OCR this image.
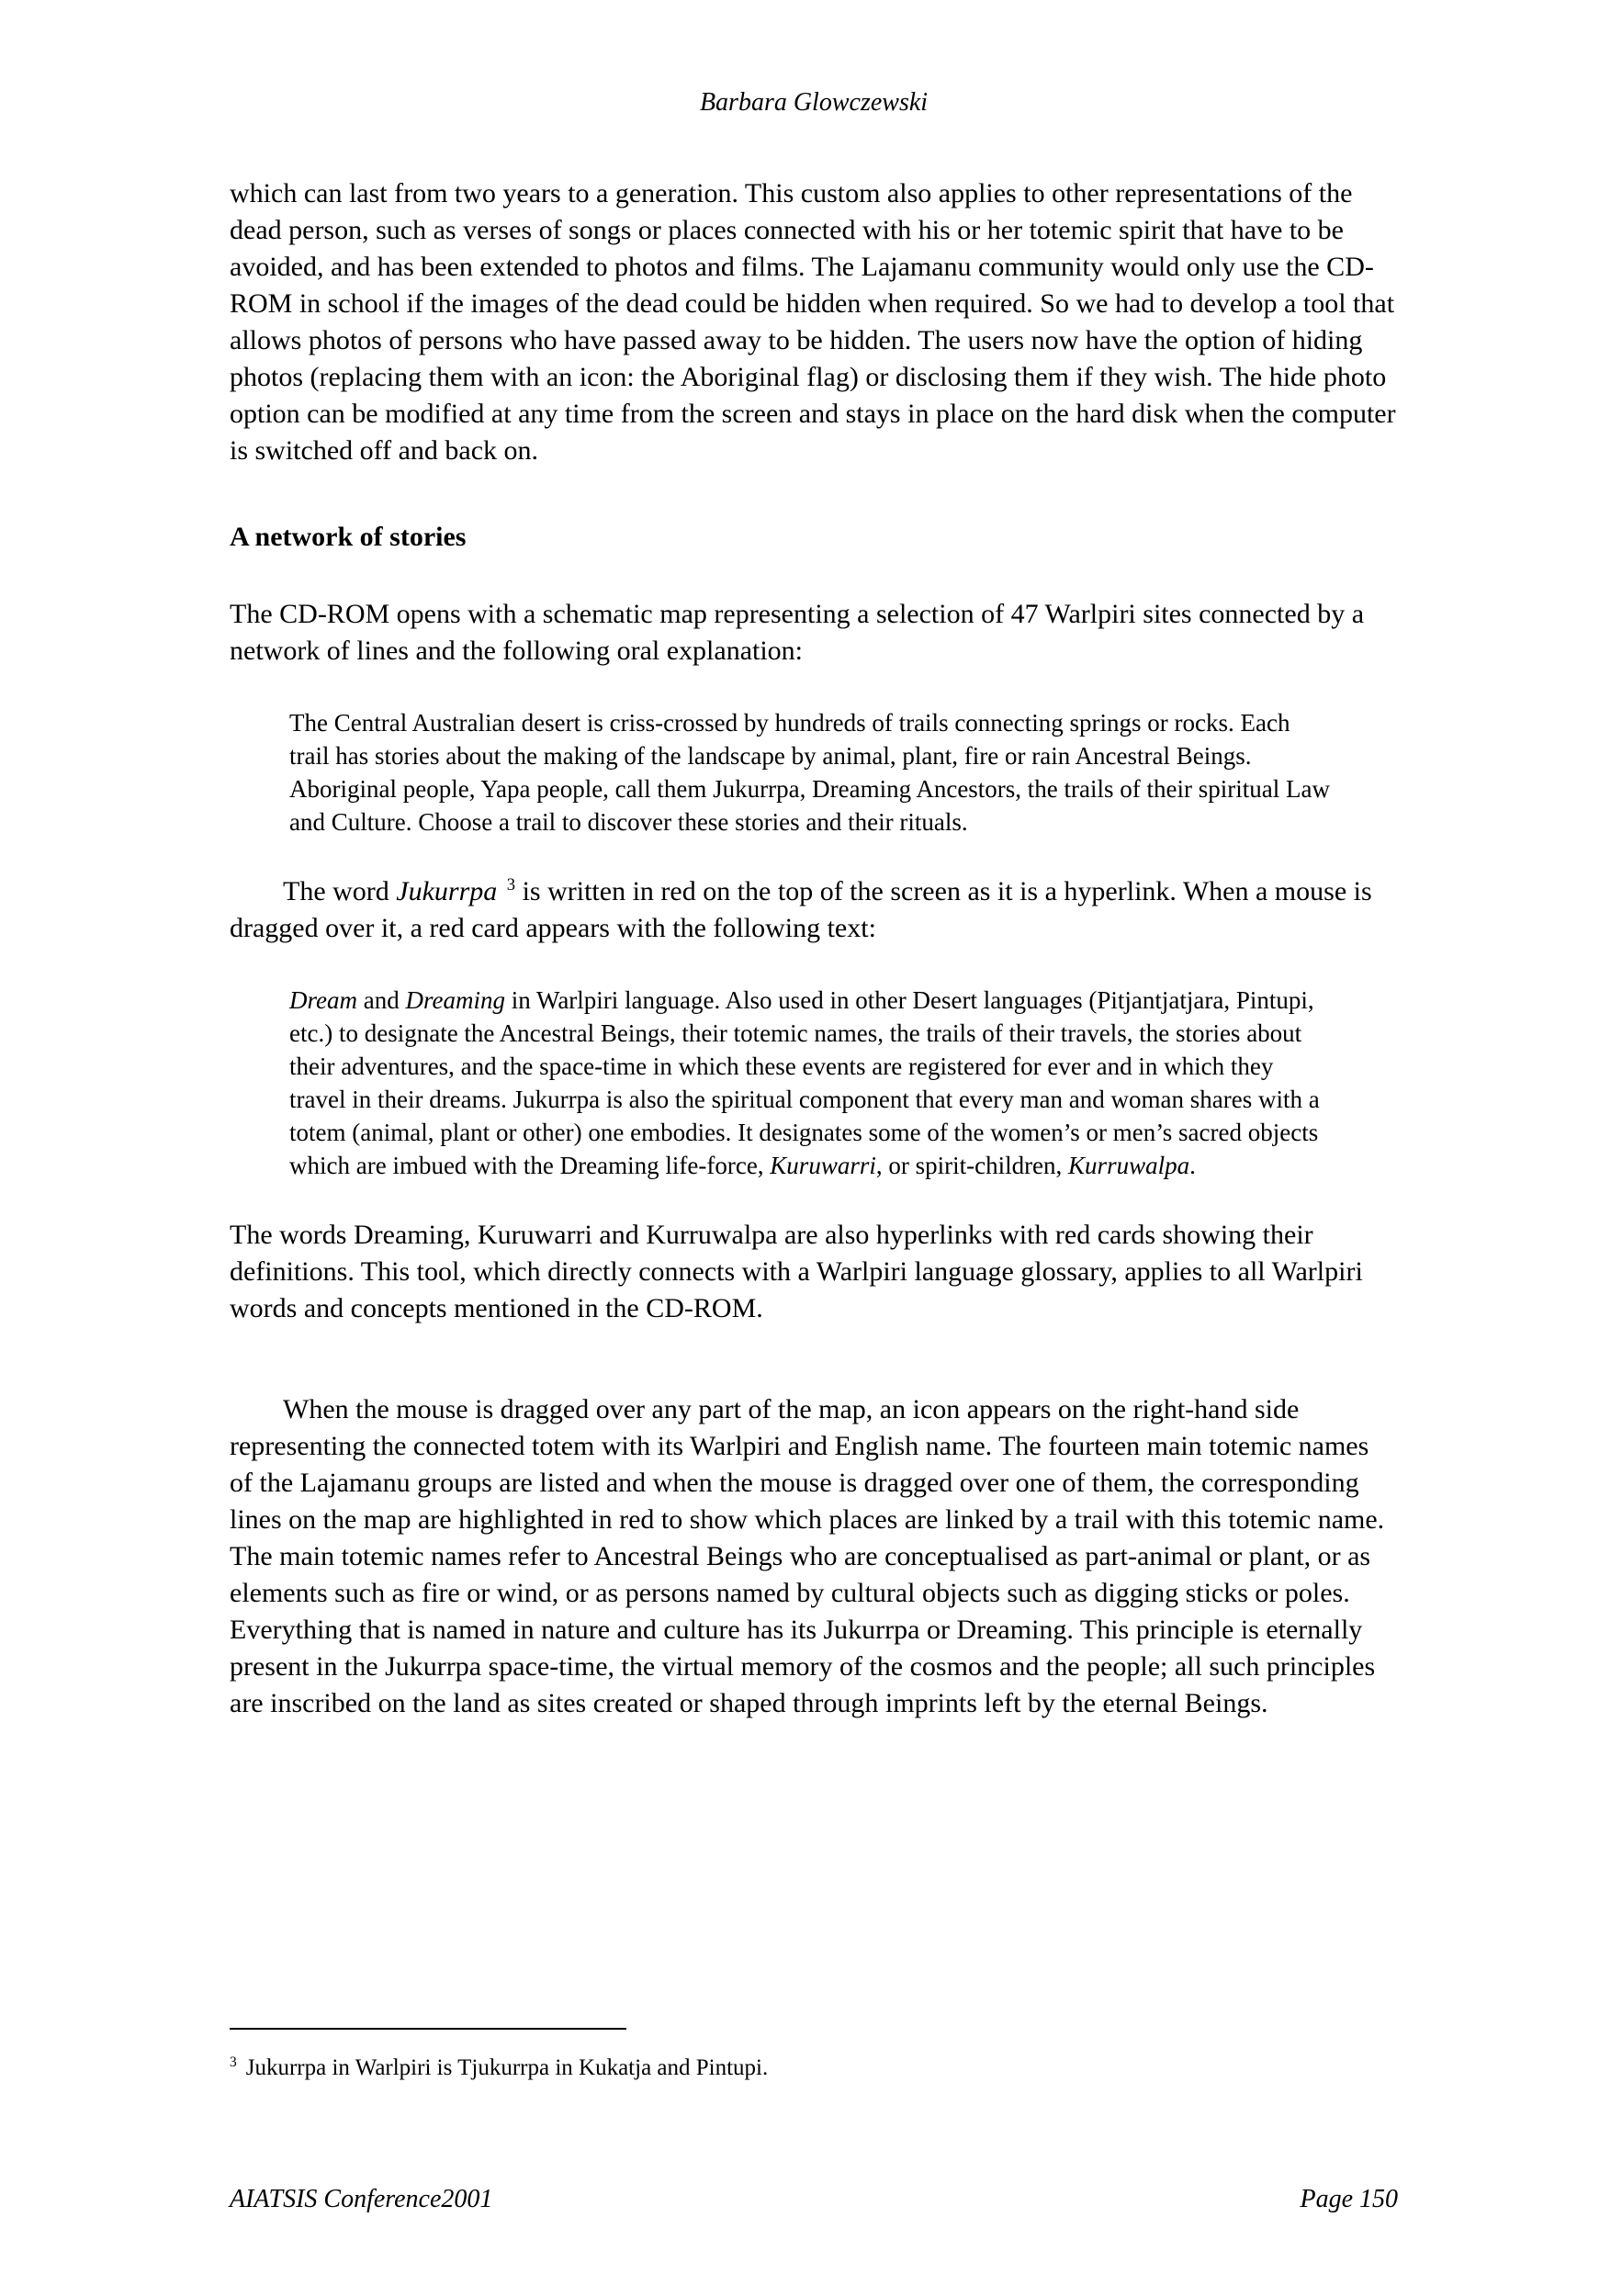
Barbara Glowczewski

which can last from two years to a generation. This custom also applies to other representations of the dead person, such as verses of songs or places connected with his or her totemic spirit that have to be avoided, and has been extended to photos and films. The Lajamanu community would only use the CD-ROM in school if the images of the dead could be hidden when required. So we had to develop a tool that allows photos of persons who have passed away to be hidden. The users now have the option of hiding photos (replacing them with an icon: the Aboriginal flag) or disclosing them if they wish. The hide photo option can be modified at any time from the screen and stays in place on the hard disk when the computer is switched off and back on.

A network of stories

The CD-ROM opens with a schematic map representing a selection of 47 Warlpiri sites connected by a network of lines and the following oral explanation:

The Central Australian desert is criss-crossed by hundreds of trails connecting springs or rocks. Each trail has stories about the making of the landscape by animal, plant, fire or rain Ancestral Beings. Aboriginal people, Yapa people, call them Jukurrpa, Dreaming Ancestors, the trails of their spiritual Law and Culture. Choose a trail to discover these stories and their rituals.

The word Jukurrpa $^3$ is written in red on the top of the screen as it is a hyperlink. When a mouse is dragged over it, a red card appears with the following text:

Dream and Dreaming in Warlpiri language. Also used in other Desert languages (Pitjantjatjara, Pintupi, etc.) to designate the Ancestral Beings, their totemic names, the trails of their travels, the stories about their adventures, and the space-time in which these events are registered for ever and in which they travel in their dreams. Jukurrpa is also the spiritual component that every man and woman shares with a totem (animal, plant or other) one embodies. It designates some of the women’s or men’s sacred objects which are imbued with the Dreaming life-force, Kuruwarri, or spirit-children, Kurruwalpa.

The words Dreaming, Kuruwarri and Kurruwalpa are also hyperlinks with red cards showing their definitions. This tool, which directly connects with a Warlpiri language glossary, applies to all Warlpiri words and concepts mentioned in the CD-ROM.

When the mouse is dragged over any part of the map, an icon appears on the right-hand side representing the connected totem with its Warlpiri and English name. The fourteen main totemic names of the Lajamanu groups are listed and when the mouse is dragged over one of them, the corresponding lines on the map are highlighted in red to show which places are linked by a trail with this totemic name. The main totemic names refer to Ancestral Beings who are conceptualised as part-animal or plant, or as elements such as fire or wind, or as persons named by cultural objects such as digging sticks or poles. Everything that is named in nature and culture has its Jukurrpa or Dreaming. This principle is eternally present in the Jukurrpa space-time, the virtual memory of the cosmos and the people; all such principles are inscribed on the land as sites created or shaped through imprints left by the eternal Beings.

$^3$ Jukurrpa in Warlpiri is Tjukurrpa in Kukatja and Pintupi.
AIATSIS Conference2001	Page 150
